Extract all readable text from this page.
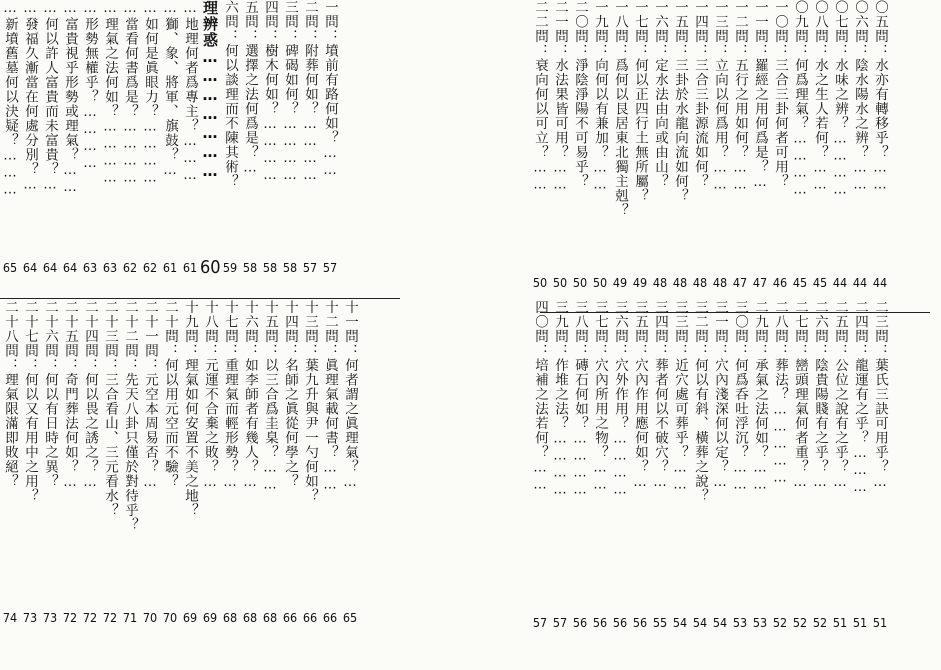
…新墳舊墓何以決疑？………
65
…發福久漸當在何處分別？…
64
…何以許人富貴而未富貴？…
64
…富貴視乎形勢或理氣？……
64
…形勢無權乎？…………
63
…理氣之法何如？…………
63
…當看何書爲是？…………
62
…如何是眞眼力？…………
62
…獅、象、將軍、旗鼓？…
61
…地理何者爲專主？………
61
理辨惑…………………
60
六問：何以談理而不陳其術？
59
五問：選擇之法何爲是？…
58
四問：樹木何如？…………
58
三問：碑碣如何？…………
58
二問：附葬何如？…………
57
一問：墳前有路何如？……
57
二二問：衰向何以可立？……
50
二一問：水法果皆可用？……
50
二〇問：淨陰淨陽不可易乎？
50
一九問：向何以有兼加？……
50
一八問：爲何以艮居東北獨主剋？
49
一七問：何以正四行土無所屬？
49
一六問：定水法由向或由山？
48
一五問：三卦於水龍向流如何？
48
一四問：三合三卦源流如何？
48
一三問：立向以何爲用？……
48
一二問：五行之用如何？……
47
一一問：羅經之用何爲是？…
47
一〇問：三合三卦何者可用？
46
〇九問：何爲理氣？…………
45
〇八問：水之生人若何？……
45
〇七問：水味之辨？…………
44
〇六問：陰水陽水之辨？……
44
〇五問：水亦有轉移乎？……
44
二十八問：理氣限滿即敗絕？
74
二十七問：何以又有用中之用？
73
二十六問：何以有日時之異？
73
二十五問：奇門葬法何如？…
72
二十四問：何以畏之誘之？…
72
二十三問：三合看山、三元看水？
72
二十二問：先天八卦只僅於對待乎？
71
二十一問：元空本周易否？…
70
二十問：何以用元空而不驗？
70
十九問：理氣如何安置不美之地？
69
十八問：元運不合棄之敗？…
69
十七問：重理氣而輕形勢？…
68
十六問：如李師者有幾人？…
68
十五問：以三合爲圭臬？……
68
十四問：名師之眞從何學之？
66
十三問：葉九升與尹一勺何如？
66
十二問：眞理氣載何書？……
66
十一問：何者謂之眞理氣？…
65
四〇問：培補之法若何？……
57
三九問：作堆之法？…………
57
三八問：磚石何如？…………
56
三七問：穴內所用之物？……
56
三六問：穴外作用？…………
56
三五問：穴內作用應何如？…
56
三四問：葬者何以不破穴？…
55
三三問：近穴處可葬乎？……
54
三二問：何以有斜、橫葬之說？
54
三一問：穴內淺深何以定？…
54
三〇問：何爲呑吐浮沉？……
53
二九問：承氣之法何如？……
53
二八問：葬法？……………
52
二七問：巒頭理氣何者重？…
52
二六問：陰貴陽賤有之乎？…
52
二五問：公位之說有之乎？…
51
二四問：龍運有之乎？………
51
二三問：葉氏三訣可用乎？…
51
